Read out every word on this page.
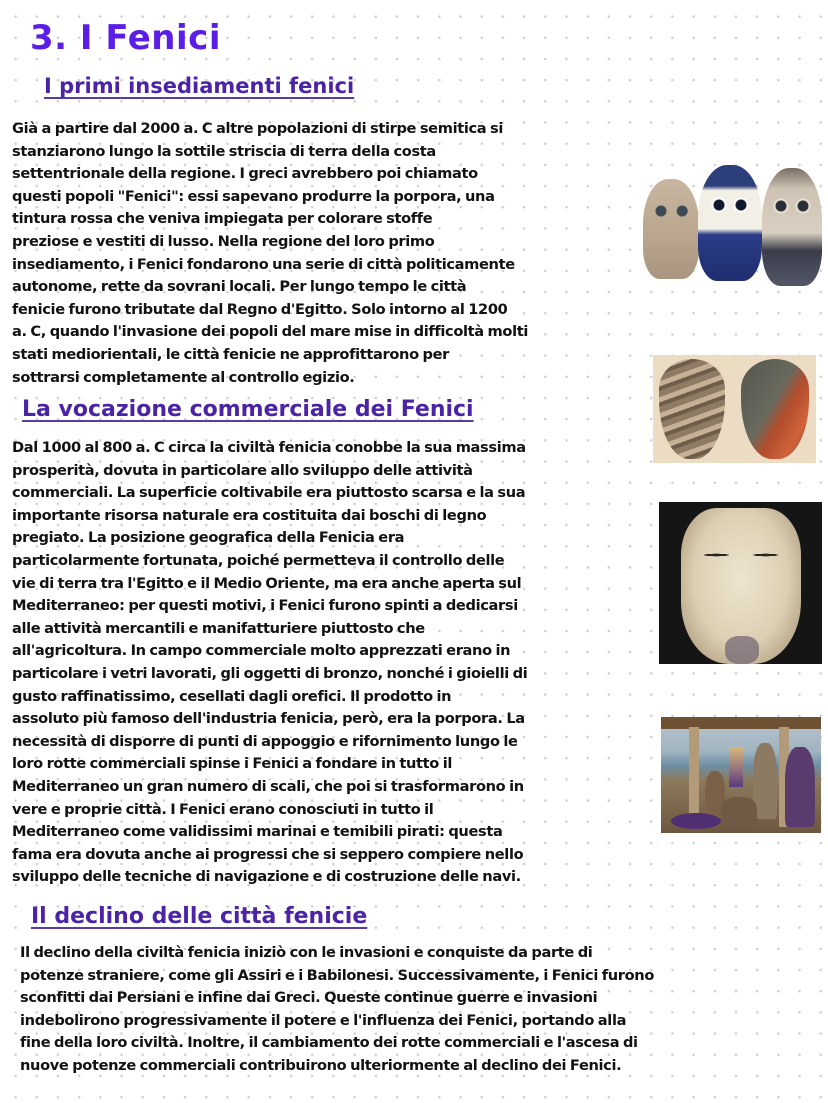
3. I Fenici
I primi insediamenti fenici
Già a partire dal 2000 a. C altre popolazioni di stirpe semitica si
stanziarono lungo la sottile striscia di terra della costa
settentrionale della regione. I greci avrebbero poi chiamato
questi popoli "Fenici": essi sapevano produrre la porpora, una
tintura rossa che veniva impiegata per colorare stoffe
preziose e vestiti di lusso. Nella regione del loro primo
insediamento, i Fenici fondarono una serie di città politicamente
autonome, rette da sovrani locali. Per lungo tempo le città
fenicie furono tributate dal Regno d'Egitto. Solo intorno al 1200
a. C, quando l'invasione dei popoli del mare mise in difficoltà molti
stati mediorientali, le città fenicie ne approfittarono per
sottrarsi completamente al controllo egizio.
La vocazione commerciale dei Fenici
Dal 1000 al 800 a. C circa la civiltà fenicia conobbe la sua massima
prosperità, dovuta in particolare allo sviluppo delle attività
commerciali. La superficie coltivabile era piuttosto scarsa e la sua
importante risorsa naturale era costituita dai boschi di legno
pregiato. La posizione geografica della Fenicia era
particolarmente fortunata, poiché permetteva il controllo delle
vie di terra tra l'Egitto e il Medio Oriente, ma era anche aperta sul
Mediterraneo: per questi motivi, i Fenici furono spinti a dedicarsi
alle attività mercantili e manifatturiere piuttosto che
all'agricoltura. In campo commerciale molto apprezzati erano in
particolare i vetri lavorati, gli oggetti di bronzo, nonché i gioielli di
gusto raffinatissimo, cesellati dagli orefici. Il prodotto in
assoluto più famoso dell'industria fenicia, però, era la porpora. La
necessità di disporre di punti di appoggio e rifornimento lungo le
loro rotte commerciali spinse i Fenici a fondare in tutto il
Mediterraneo un gran numero di scali, che poi si trasformarono in
vere e proprie città. I Fenici erano conosciuti in tutto il
Mediterraneo come validissimi marinai e temibili pirati: questa
fama era dovuta anche ai progressi che si seppero compiere nello
sviluppo delle tecniche di navigazione e di costruzione delle navi.
Il declino delle città fenicie
Il declino della civiltà fenicia iniziò con le invasioni e conquiste da parte di
potenze straniere, come gli Assiri e i Babilonesi. Successivamente, i Fenici furono
sconfitti dai Persiani e infine dai Greci. Queste continue guerre e invasioni
indebolirono progressivamente il potere e l'influenza dei Fenici, portando alla
fine della loro civiltà. Inoltre, il cambiamento dei rotte commerciali e l'ascesa di
nuove potenze commerciali contribuirono ulteriormente al declino dei Fenici.
